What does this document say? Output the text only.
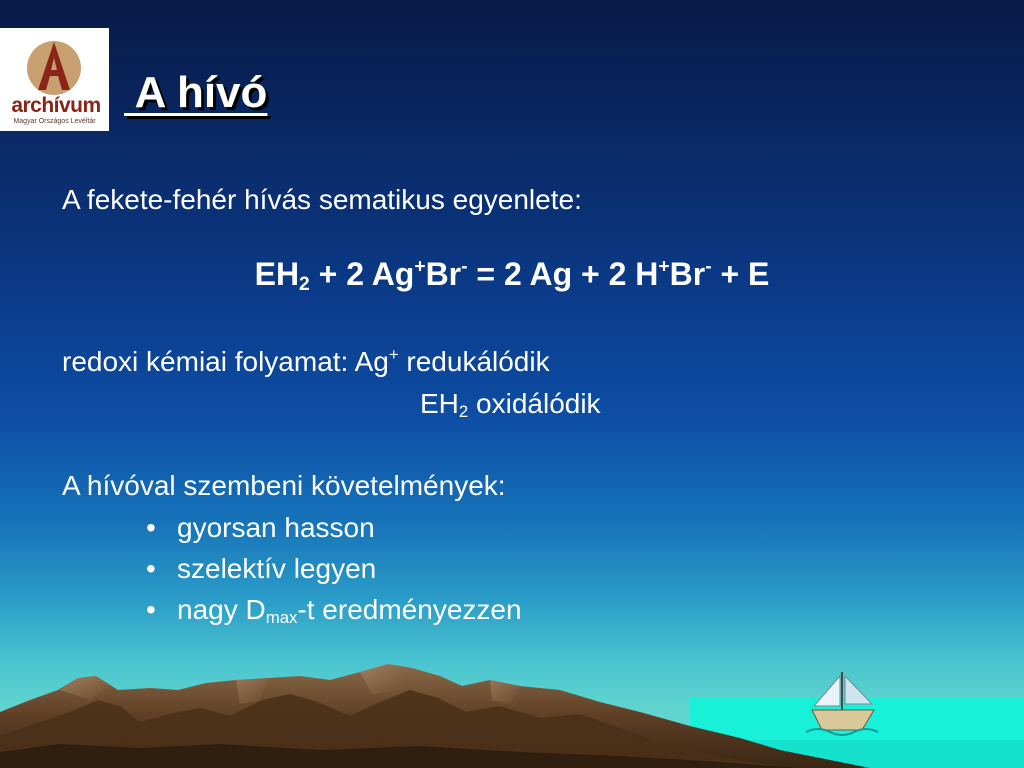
archívum
Magyar Országos Levéltár
A hívó
A fekete-fehér hívás sematikus egyenlete:
$EH_2 + 2$ Ag+Br- = 2 Ag + 2 H+Br- + E
redoxi kémiai folyamat: Ag+ redukálódik
$EH_2$ oxidálódik
A hívóval szembeni követelmények:
• gyorsan hasson
• szelektív legyen
• nagy $D_{max}-t$ eredményezzen
